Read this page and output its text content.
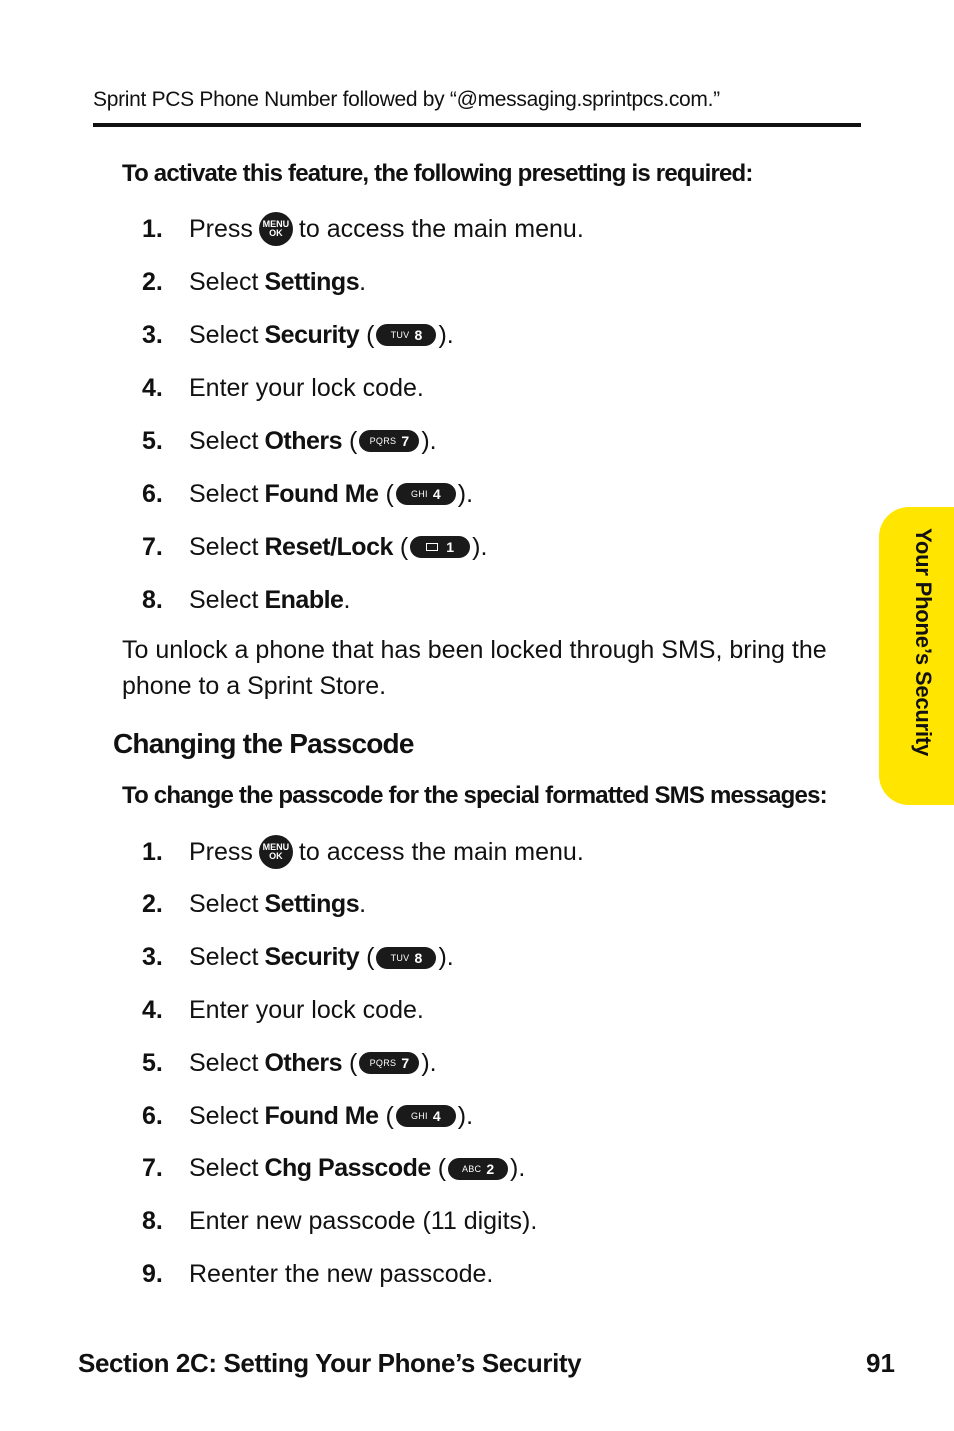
Sprint PCS Phone Number followed by “@messaging.sprintpcs.com.”
To activate this feature, the following presetting is required:
1.	Press MENU
OK to access the main menu.
2.	Select Settings .
3.	Select Security ( TUV 8 ).
4.	Enter your lock code.
5.	Select Others ( PQRS 7 ).
6.	Select Found Me ( GHI 4 ).
7.	Select Reset/Lock (	1 ).
8.	Select Enable .
To unlock a phone that has been locked through SMS, bring the phone to a Sprint Store.
Changing the Passcode
To change the passcode for the special formatted SMS messages:
1.	Press MENU
OK to access the main menu.
2.	Select Settings .
3.	Select Security ( TUV 8 ).
4.	Enter your lock code.
5.	Select Others ( PQRS 7 ).
6.	Select Found Me ( GHI 4 ).
7.	Select Chg Passcode ( ABC 2 ).
8.	Enter new passcode (11 digits).
9.	Reenter the new passcode.
Your Phone’s Security
Section 2C: Setting Your Phone’s Security	91
